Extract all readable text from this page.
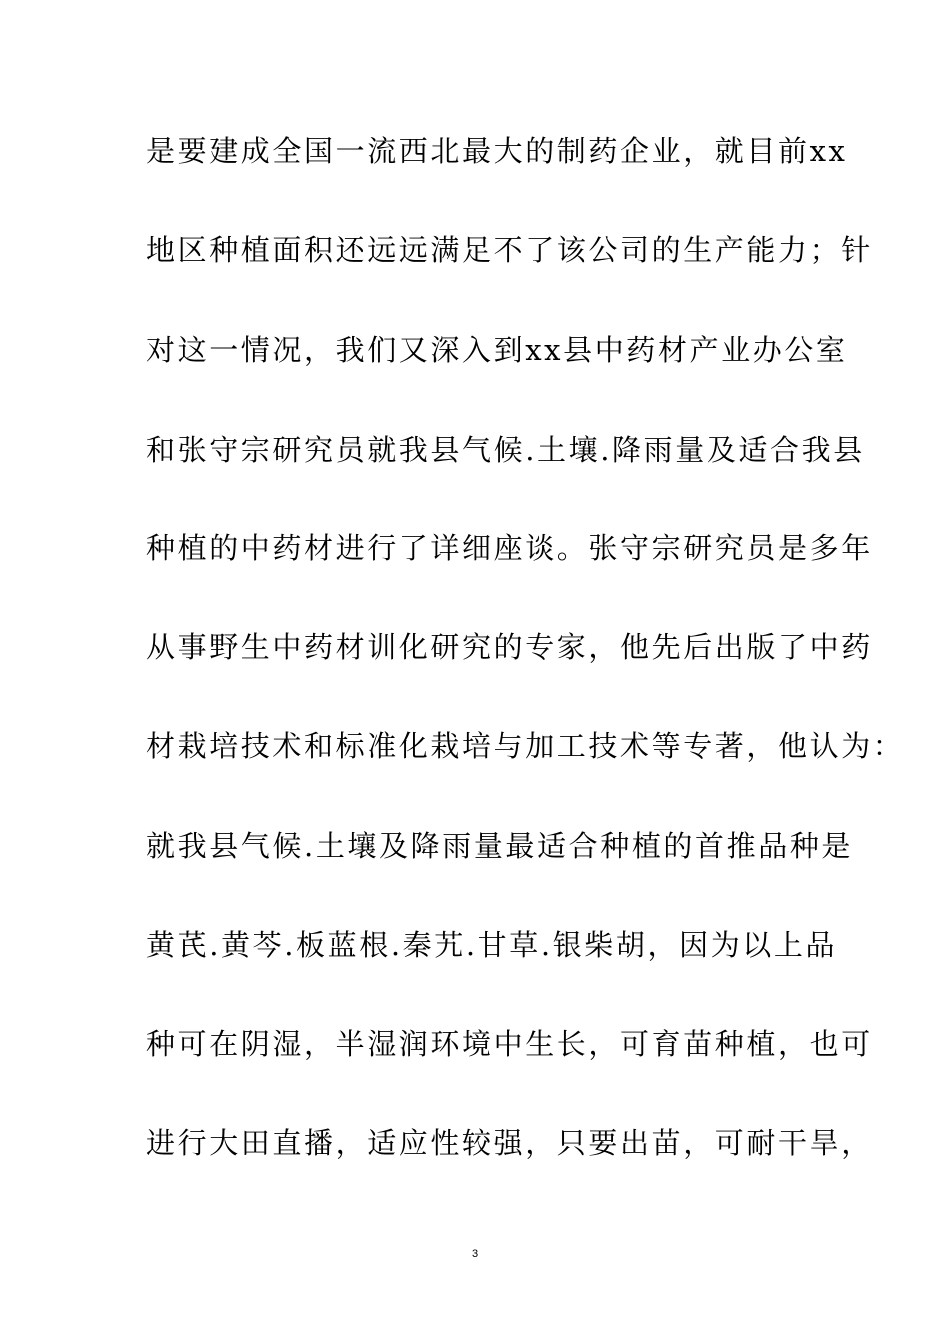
是要建成全国一流西北最大的制药企业，就目前xx
地区种植面积还远远满足不了该公司的生产能力；针
对这一情况，我们又深入到xx县中药材产业办公室
和张守宗研究员就我县气候.土壤.降雨量及适合我县
种植的中药材进行了详细座谈。张守宗研究员是多年
从事野生中药材训化研究的专家，他先后出版了中药
材栽培技术和标准化栽培与加工技术等专著，他认为：
就我县气候.土壤及降雨量最适合种植的首推品种是
黄芪.黄芩.板蓝根.秦艽.甘草.银柴胡，因为以上品
种可在阴湿，半湿润环境中生长，可育苗种植，也可
进行大田直播，适应性较强，只要出苗，可耐干旱，
3
